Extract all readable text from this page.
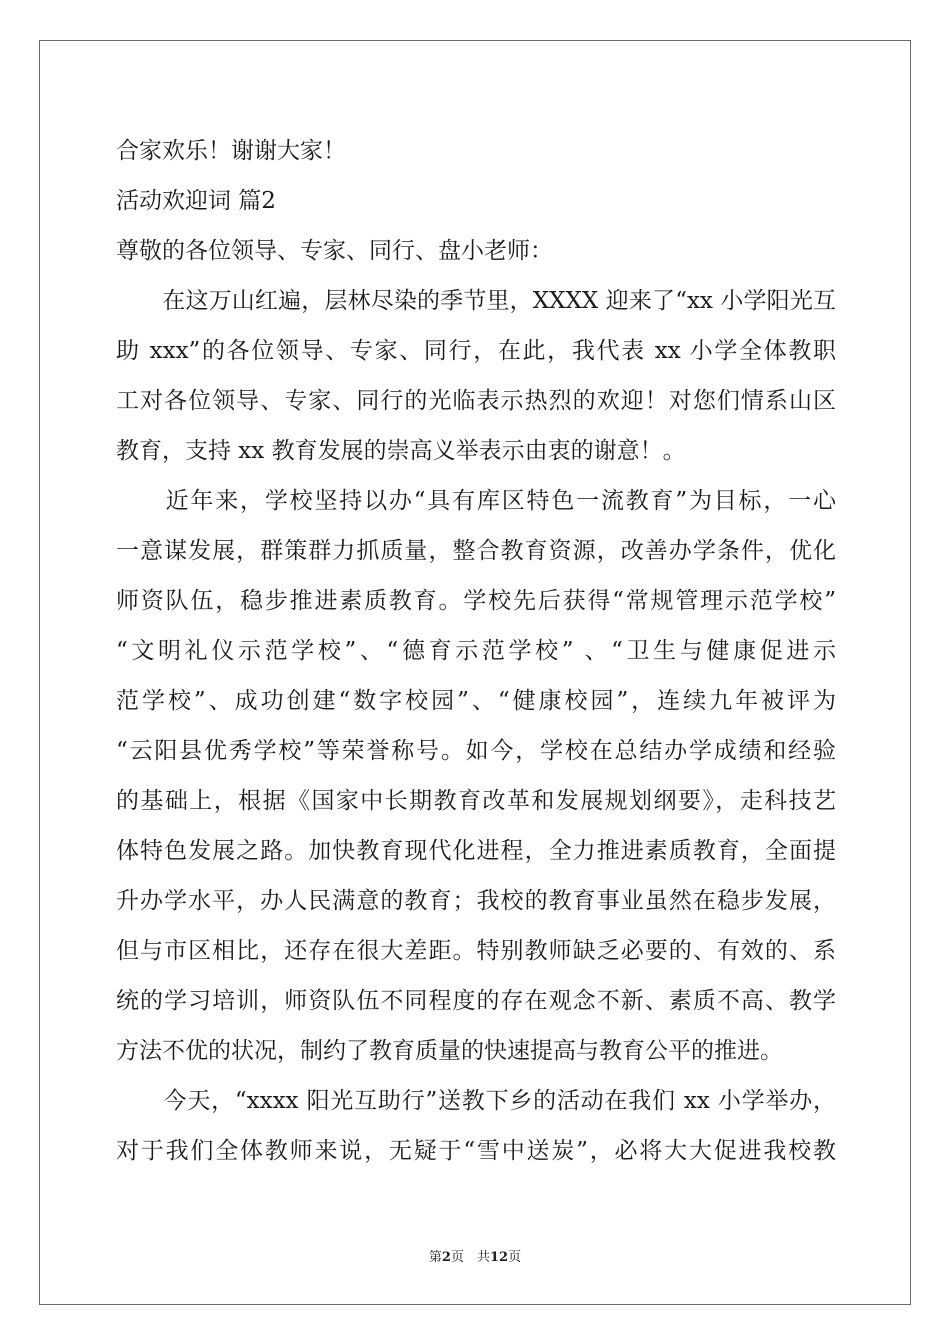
合家欢乐！谢谢大家！
活动欢迎词 篇2
尊敬的各位领导、专家、同行、盘小老师：
　　在这万山红遍，层林尽染的季节里，XXXX 迎来了“xx 小学阳光互
助 xxx”的各位领导、专家、同行，在此，我代表 xx 小学全体教职
工对各位领导、专家、同行的光临表示热烈的欢迎！对您们情系山区
教育，支持 xx 教育发展的崇高义举表示由衷的谢意！。
　　近年来，学校坚持以办“具有库区特色一流教育”为目标，一心
一意谋发展，群策群力抓质量，整合教育资源，改善办学条件，优化
师资队伍，稳步推进素质教育。学校先后获得“常规管理示范学校”
“文明礼仪示范学校”、“德育示范学校” 、“卫生与健康促进示
范学校”、成功创建“数字校园”、“健康校园”，连续九年被评为
“云阳县优秀学校”等荣誉称号。如今，学校在总结办学成绩和经验
的基础上，根据《国家中长期教育改革和发展规划纲要》，走科技艺
体特色发展之路。加快教育现代化进程，全力推进素质教育，全面提
升办学水平，办人民满意的教育；我校的教育事业虽然在稳步发展，
但与市区相比，还存在很大差距。特别教师缺乏必要的、有效的、系
统的学习培训，师资队伍不同程度的存在观念不新、素质不高、教学
方法不优的状况，制约了教育质量的快速提高与教育公平的推进。
　　今天，“xxxx 阳光互助行”送教下乡的活动在我们 xx 小学举办，
对于我们全体教师来说，无疑于“雪中送炭”，必将大大促进我校教
第2页　共12页
